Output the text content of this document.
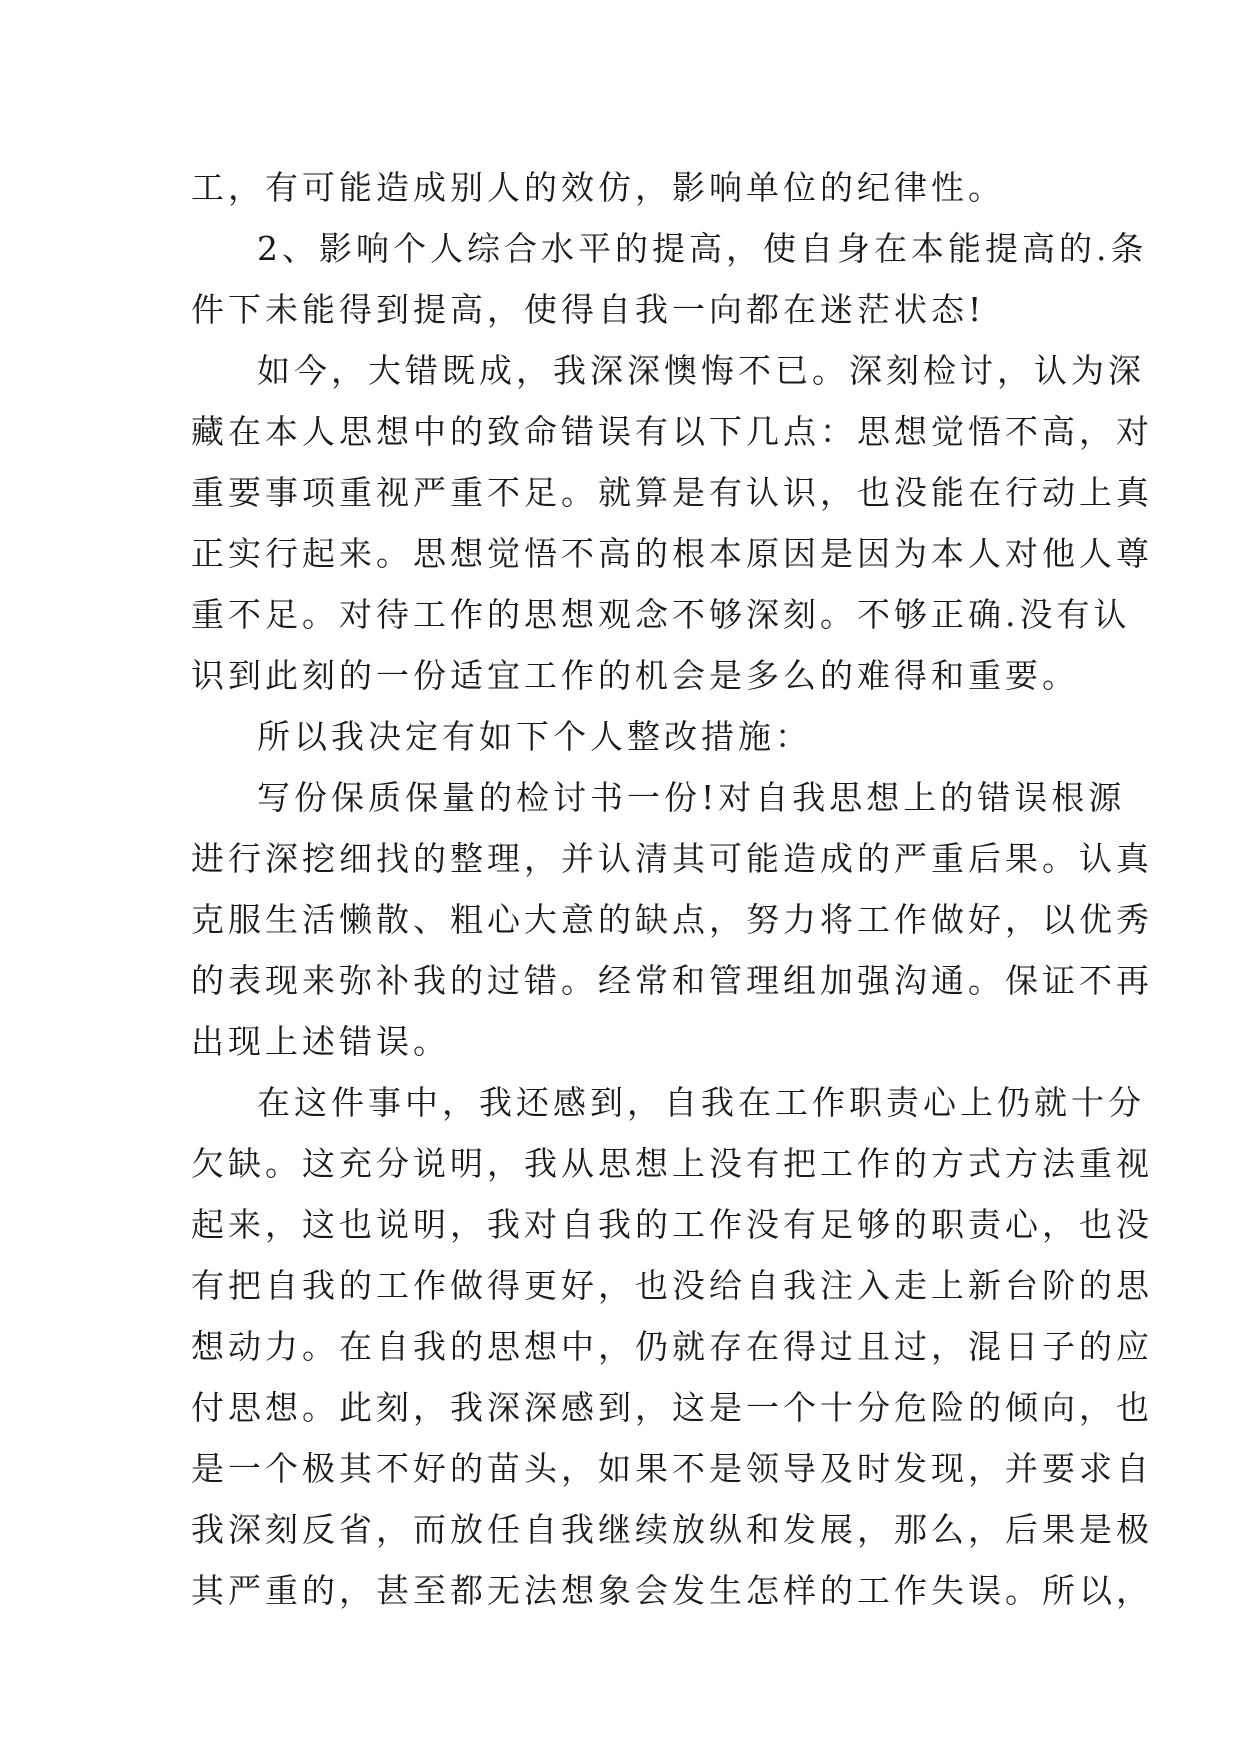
工，有可能造成别人的效仿，影响单位的纪律性。
2、影响个人综合水平的提高，使自身在本能提高的.条
件下未能得到提高，使得自我一向都在迷茫状态!
如今，大错既成，我深深懊悔不已。深刻检讨，认为深
藏在本人思想中的致命错误有以下几点：思想觉悟不高，对
重要事项重视严重不足。就算是有认识，也没能在行动上真
正实行起来。思想觉悟不高的根本原因是因为本人对他人尊
重不足。对待工作的思想观念不够深刻。不够正确.没有认
识到此刻的一份适宜工作的机会是多么的难得和重要。
所以我决定有如下个人整改措施：
写份保质保量的检讨书一份!对自我思想上的错误根源
进行深挖细找的整理，并认清其可能造成的严重后果。认真
克服生活懒散、粗心大意的缺点，努力将工作做好，以优秀
的表现来弥补我的过错。经常和管理组加强沟通。保证不再
出现上述错误。
在这件事中，我还感到，自我在工作职责心上仍就十分
欠缺。这充分说明，我从思想上没有把工作的方式方法重视
起来，这也说明，我对自我的工作没有足够的职责心，也没
有把自我的工作做得更好，也没给自我注入走上新台阶的思
想动力。在自我的思想中，仍就存在得过且过，混日子的应
付思想。此刻，我深深感到，这是一个十分危险的倾向，也
是一个极其不好的苗头，如果不是领导及时发现，并要求自
我深刻反省，而放任自我继续放纵和发展，那么，后果是极
其严重的，甚至都无法想象会发生怎样的工作失误。所以，
